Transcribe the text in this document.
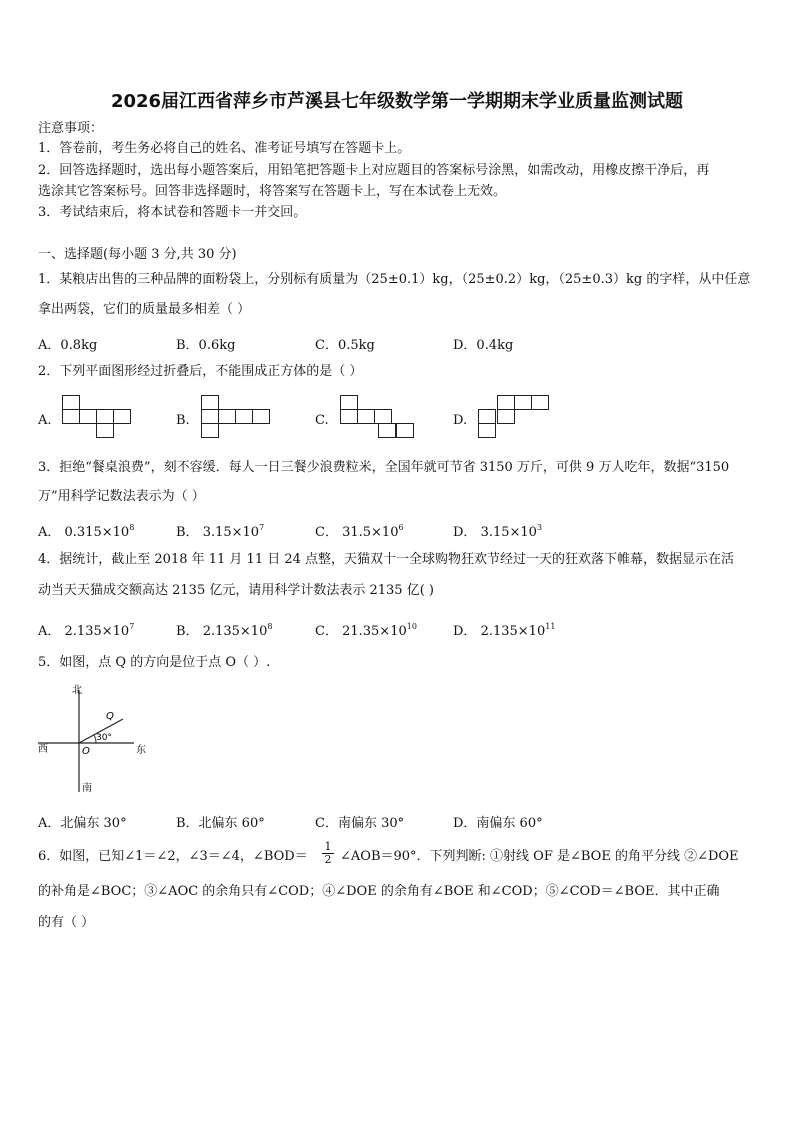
2026届江西省萍乡市芦溪县七年级数学第一学期期末学业质量监测试题
注意事项：
1．答卷前，考生务必将自己的姓名、准考证号填写在答题卡上。
2．回答选择题时，选出每小题答案后，用铅笔把答题卡上对应题目的答案标号涂黑，如需改动，用橡皮擦干净后，再
选涂其它答案标号。回答非选择题时，将答案写在答题卡上，写在本试卷上无效。
3．考试结束后，将本试卷和答题卡一并交回。
一、选择题(每小题 3 分,共 30 分)
1．某粮店出售的三种品牌的面粉袋上，分别标有质量为（25±0.1）kg，（25±0.2）kg，（25±0.3）kg 的字样，从中任意
拿出两袋，它们的质量最多相差（ ）
A．0.8kg	B．0.6kg	C．0.5kg	D．0.4kg
2．下列平面图形经过折叠后，不能围成正方体的是（ ）
A.	B.	C.	D.
3．拒绝“餐桌浪费”，刻不容缓．每人一日三餐少浪费粒米，全国年就可节省 3150 万斤，可供 9 万人吃年，数据“3150
万”用科学记数法表示为（ ）
A． $0.315\times 10^8$	B． $3.15\times 10^7$	C． $31.5\times 10^6$	D． $3.15\times 10^3$
4．据统计，截止至 2018 年 11 月 11 日 24 点整，天猫双十一全球购物狂欢节经过一天的狂欢落下帷幕，数据显示在活
动当天天猫成交额高达 2135 亿元，请用科学计数法表示 2135 亿( )
A． $2.135\times 10^7$	B． $2.135\times 10^8$	C． $21.35\times 10^{10}$	D． $2.135\times 10^{11}$
5．如图，点 Q 的方向是位于点 O（ ）.
北
南
西	东
O
Q
30°
A．北偏东 30°	B．北偏东 60°	C．南偏东 30°	D．南偏东 60°
6．如图，已知∠1＝∠2，∠3＝∠4，∠BOD＝ $\frac{1}{2}$ ∠AOB＝90°．下列判断: ①射线 OF 是∠BOE 的角平分线 ②∠DOE
的补角是∠BOC；③∠AOC 的余角只有∠COD；④∠DOE 的余角有∠BOE 和∠COD；⑤∠COD＝∠BOE．其中正确
的有（ ）
